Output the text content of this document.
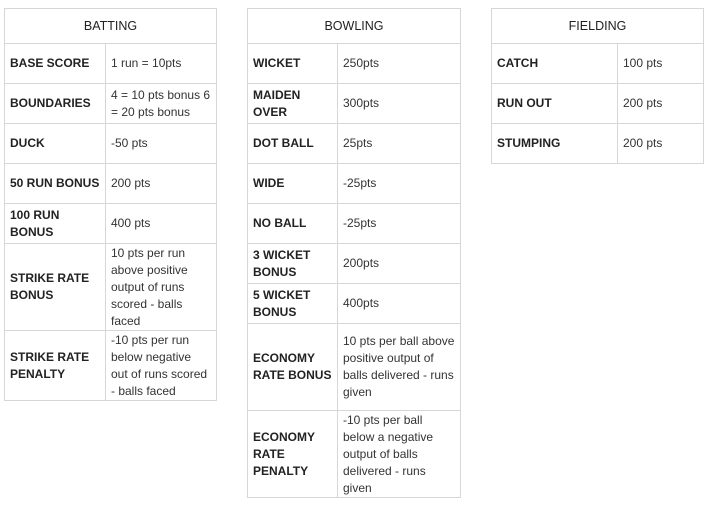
BATTING	
BASE SCORE	1 run = 10pts
BOUNDARIES	4 = 10 pts bonus 6 = 20 pts bonus
DUCK	-50 pts
50 RUN BONUS	200 pts
100 RUN BONUS	400 pts
STRIKE RATE BONUS	10 pts per run above positive output of runs scored - balls faced
STRIKE RATE PENALTY	-10 pts per run below negative out of runs scored - balls faced
BOWLING	
WICKET	250pts
MAIDEN OVER	300pts
DOT BALL	25pts
WIDE	-25pts
NO BALL	-25pts
3 WICKET BONUS	200pts
5 WICKET BONUS	400pts
ECONOMY RATE BONUS	10 pts per ball above positive output of balls delivered - runs given
ECONOMY RATE PENALTY	-10 pts per ball below a negative output of balls delivered - runs given
FIELDING	
CATCH	100 pts
RUN OUT	200 pts
STUMPING	200 pts
